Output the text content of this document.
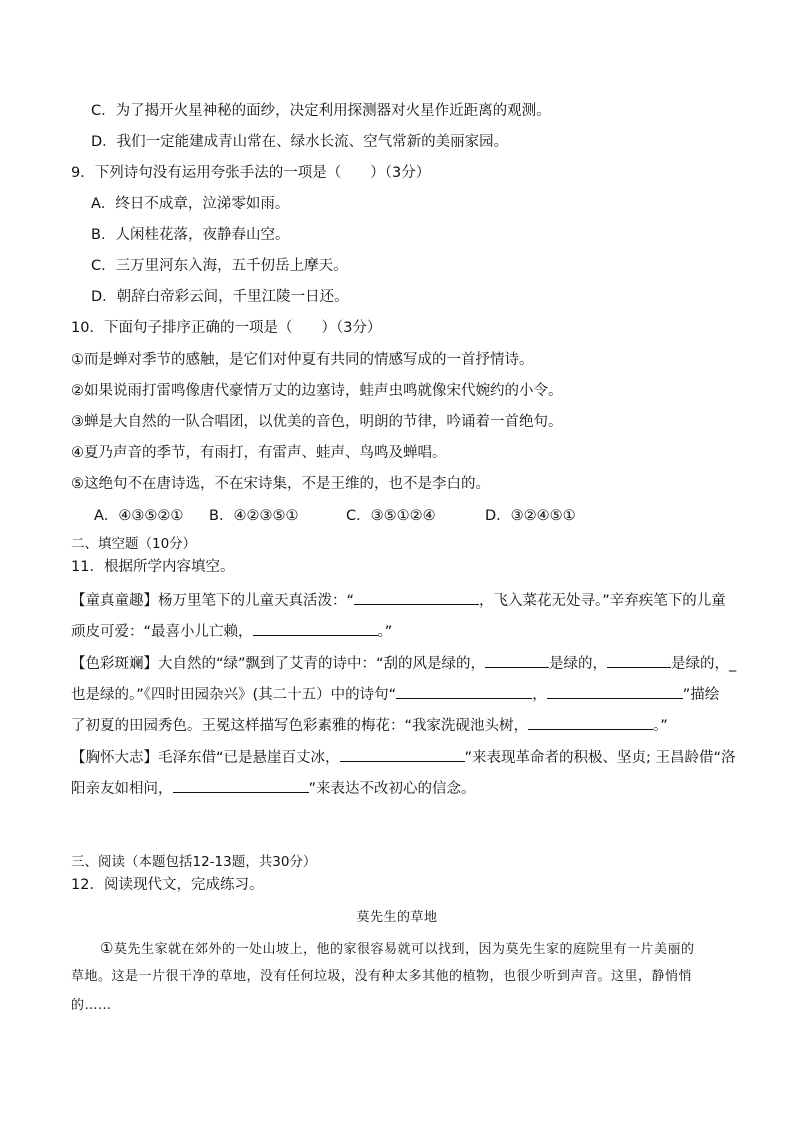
C．为了揭开火星神秘的面纱，决定利用探测器对火星作近距离的观测。
D．我们一定能建成青山常在、绿水长流、空气常新的美丽家园。
9．下列诗句没有运用夸张手法的一项是（　　）（3分）
A．终日不成章，泣涕零如雨。
B．人闲桂花落，夜静春山空。
C．三万里河东入海，五千仞岳上摩天。
D．朝辞白帝彩云间，千里江陵一日还。
10．下面句子排序正确的一项是（　　）（3分）
①而是蝉对季节的感触，是它们对仲夏有共同的情感写成的一首抒情诗。
②如果说雨打雷鸣像唐代豪情万丈的边塞诗，蛙声虫鸣就像宋代婉约的小令。
③蝉是大自然的一队合唱团，以优美的音色，明朗的节律，吟诵着一首绝句。
④夏乃声音的季节，有雨打，有雷声、蛙声、鸟鸣及蝉唱。
⑤这绝句不在唐诗选，不在宋诗集，不是王维的，也不是李白的。
A．④③⑤②① B．④②③⑤①	C．③⑤①②④	D．③②④⑤①
二、填空题（10分）
11．根据所学内容填空。
【童真童趣】杨万里笔下的儿童天真活泼：“	，飞入菜花无处寻。”辛弃疾笔下的儿童
顽皮可爱：“最喜小儿亡赖，	。”
【色彩斑斓】大自然的“绿”飘到了艾青的诗中：“刮的风是绿的，	是绿的，	是绿的，_
也是绿的。”《四时田园杂兴》(其二十五）中的诗句“	，	”描绘
了初夏的田园秀色。王冕这样描写色彩素雅的梅花：“我家洗砚池头树，	。”
【胸怀大志】毛泽东借“已是悬崖百丈冰，	”来表现革命者的积极、坚贞; 王昌龄借“洛
阳亲友如相问，	”来表达不改初心的信念。
三、阅读（本题包括12-13题，共30分）
12．阅读现代文，完成练习。
莫先生的草地
①莫先生家就在郊外的一处山坡上，他的家很容易就可以找到，因为莫先生家的庭院里有一片美丽的
草地。这是一片很干净的草地，没有任何垃圾，没有种太多其他的植物，也很少听到声音。这里，静悄悄
的……
